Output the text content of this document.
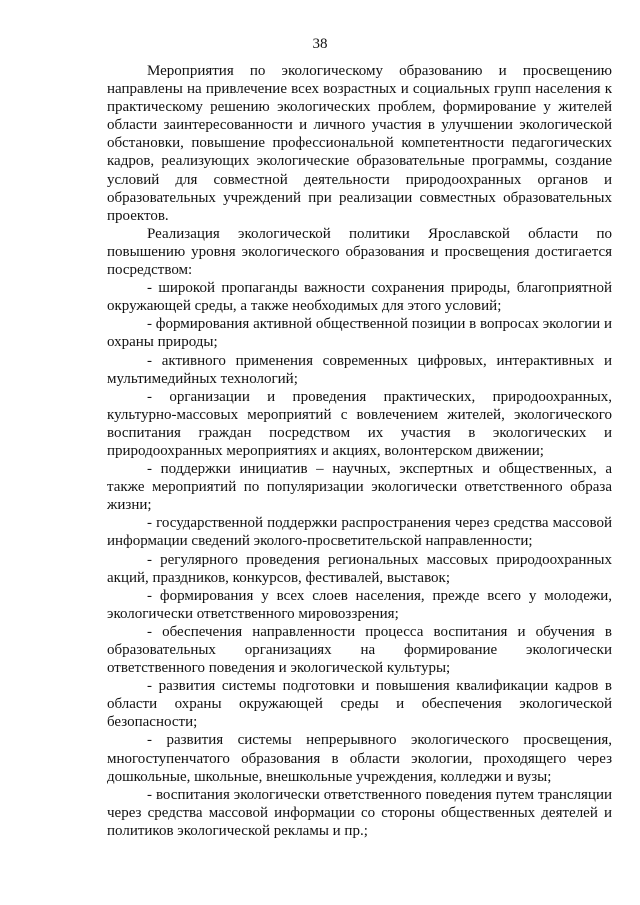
38

Мероприятия по экологическому образованию и просвещению направлены на привлечение всех возрастных и социальных групп населения к практическому решению экологических проблем, формирование у жителей области заинтересованности и личного участия в улучшении экологической обстановки, повышение профессиональной компетентности педагогических кадров, реализующих экологические образовательные программы, создание условий для совместной деятельности природоохранных органов и образовательных учреждений при реализации совместных образовательных проектов.

Реализация экологической политики Ярославской области по повышению уровня экологического образования и просвещения достигается посредством:

- широкой пропаганды важности сохранения природы, благоприятной окружающей среды, а также необходимых для этого условий;

- формирования активной общественной позиции в вопросах экологии и охраны природы;

- активного применения современных цифровых, интерактивных и мультимедийных технологий;

- организации и проведения практических, природоохранных, культурно-массовых мероприятий с вовлечением жителей, экологического воспитания граждан посредством их участия в экологических и природоохранных мероприятиях и акциях, волонтерском движении;

- поддержки инициатив – научных, экспертных и общественных, а также мероприятий по популяризации экологически ответственного образа жизни;

- государственной поддержки распространения через средства массовой информации сведений эколого-просветительской направленности;

- регулярного проведения региональных массовых природоохранных акций, праздников, конкурсов, фестивалей, выставок;

- формирования у всех слоев населения, прежде всего у молодежи, экологически ответственного мировоззрения;

- обеспечения направленности процесса воспитания и обучения в образовательных организациях на формирование экологически ответственного поведения и экологической культуры;

- развития системы подготовки и повышения квалификации кадров в области охраны окружающей среды и обеспечения экологической безопасности;

- развития системы непрерывного экологического просвещения, многоступенчатого образования в области экологии, проходящего через дошкольные, школьные, внешкольные учреждения, колледжи и вузы;

- воспитания экологически ответственного поведения путем трансляции через средства массовой информации со стороны общественных деятелей и политиков экологической рекламы и пр.;
